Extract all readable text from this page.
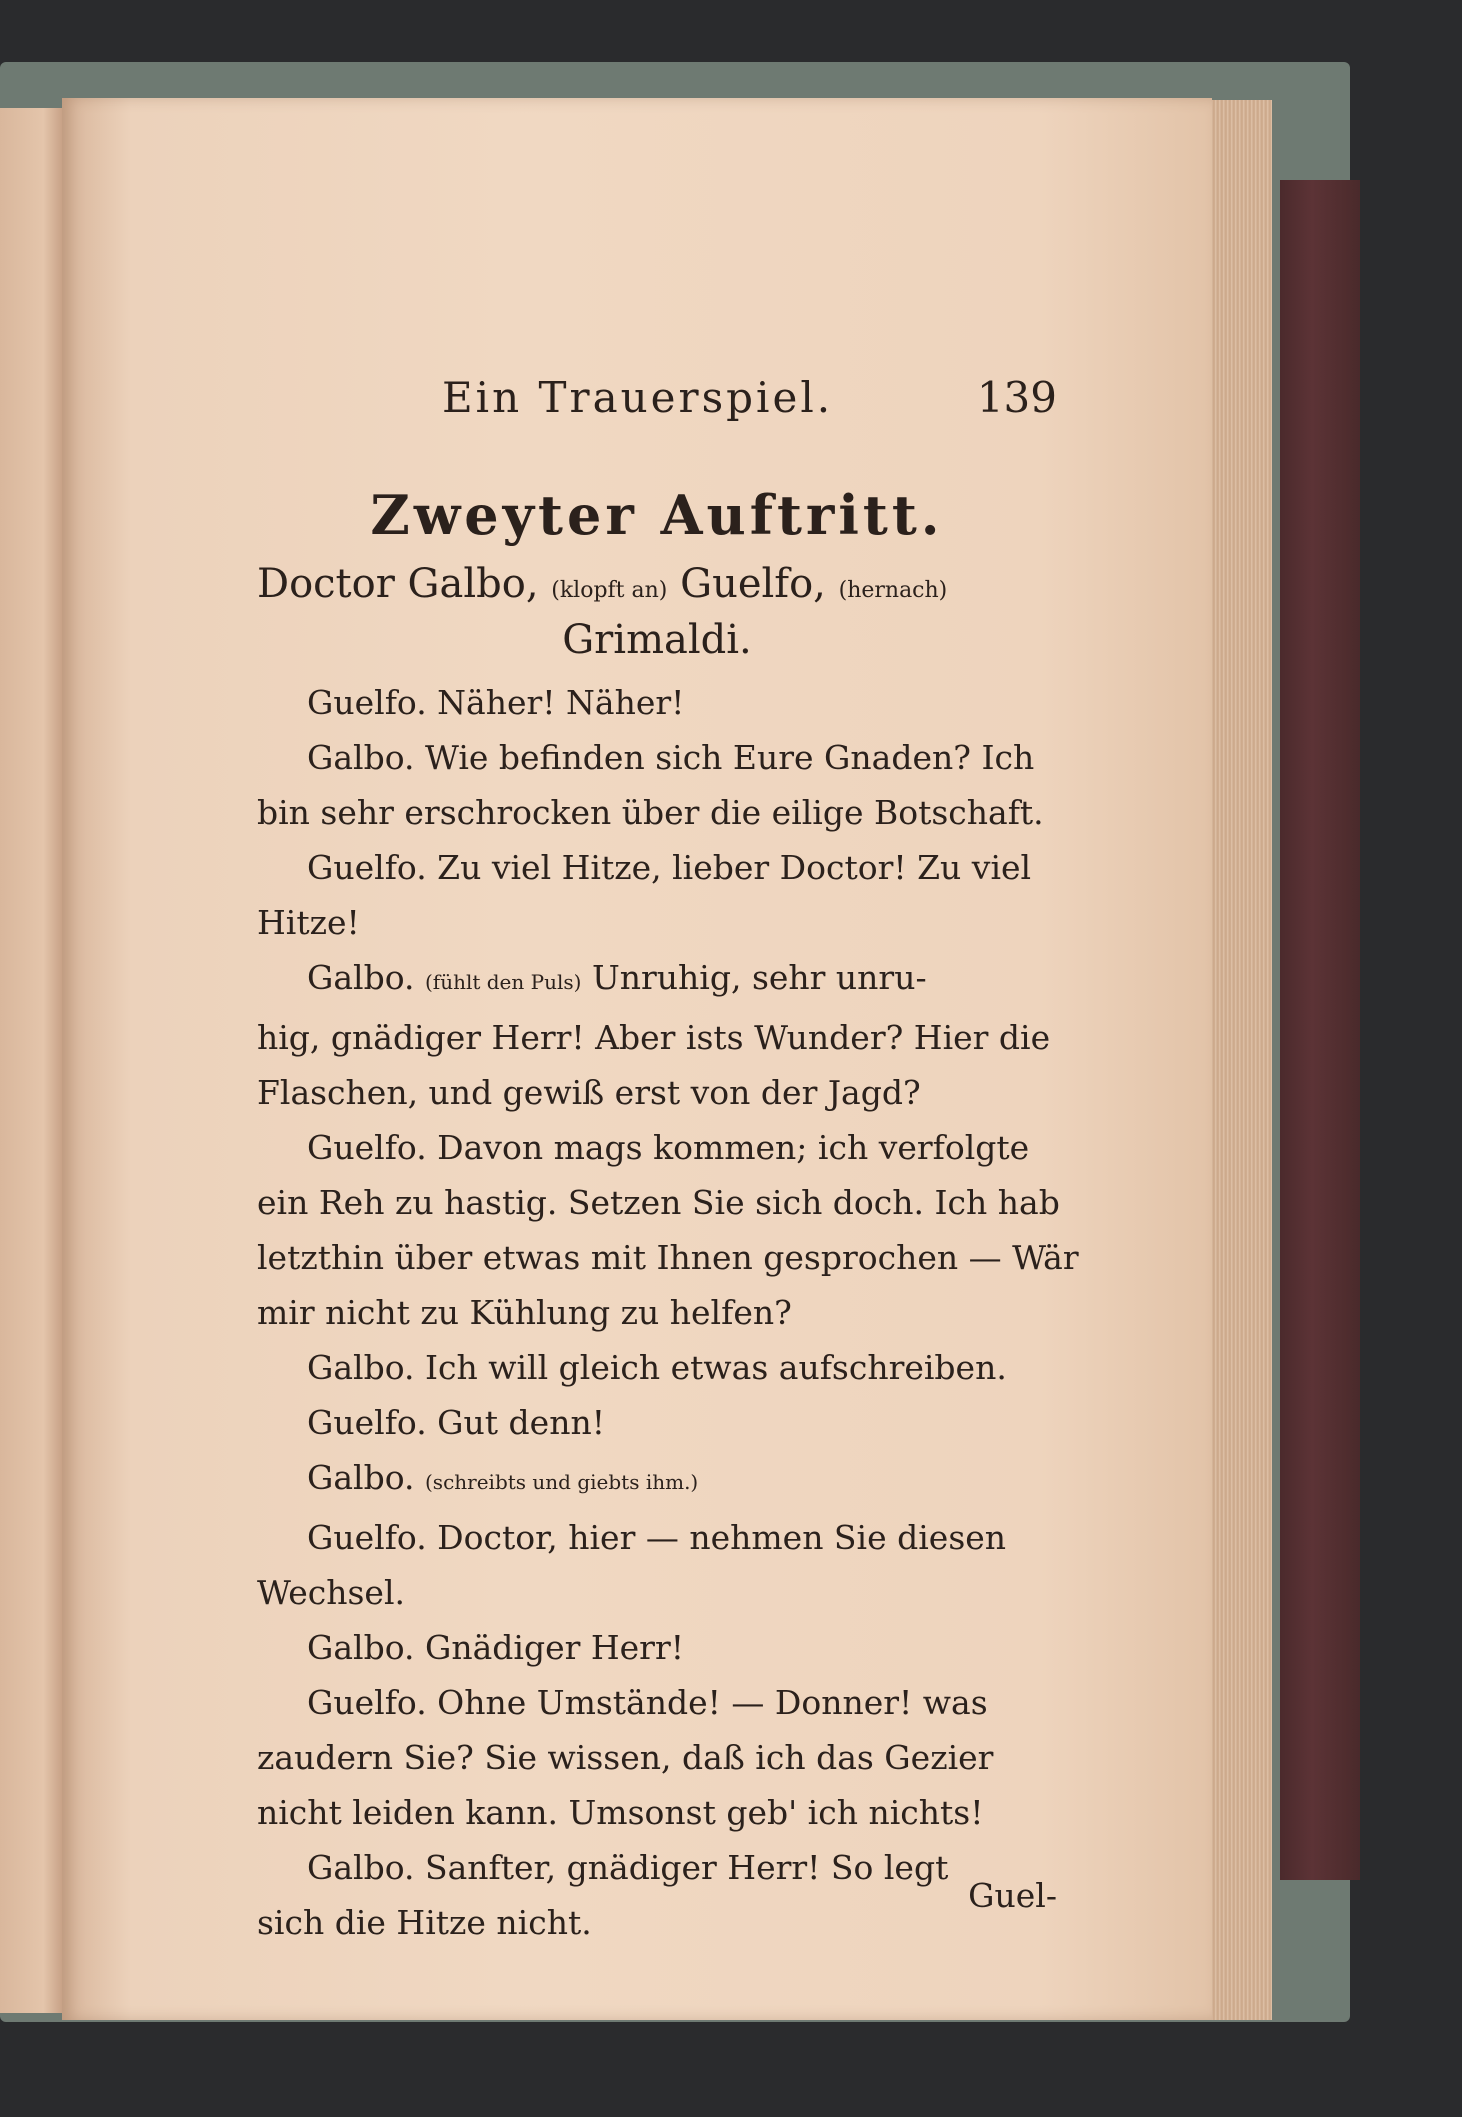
Ein Trauerspiel.	139
Zweyter Auftritt.
Doctor Galbo, (klopft an) Guelfo, (hernach)
Grimaldi.
Guelfo. Näher! Näher!
Galbo. Wie befinden sich Eure Gnaden? Ich
bin sehr erschrocken über die eilige Botschaft.
Guelfo. Zu viel Hitze, lieber Doctor! Zu viel
Hitze!
Galbo. (fühlt den Puls) Unruhig, sehr unru-
hig, gnädiger Herr! Aber ists Wunder? Hier die
Flaschen, und gewiß erst von der Jagd?
Guelfo. Davon mags kommen; ich verfolgte
ein Reh zu hastig. Setzen Sie sich doch. Ich hab
letzthin über etwas mit Ihnen gesprochen — Wär
mir nicht zu Kühlung zu helfen?
Galbo. Ich will gleich etwas aufschreiben.
Guelfo. Gut denn!
Galbo. (schreibts und giebts ihm.)
Guelfo. Doctor, hier — nehmen Sie diesen
Wechsel.
Galbo. Gnädiger Herr!
Guelfo. Ohne Umstände! — Donner! was
zaudern Sie? Sie wissen, daß ich das Gezier
nicht leiden kann. Umsonst geb' ich nichts!
Galbo. Sanfter, gnädiger Herr! So legt
sich die Hitze nicht.
Guel-
